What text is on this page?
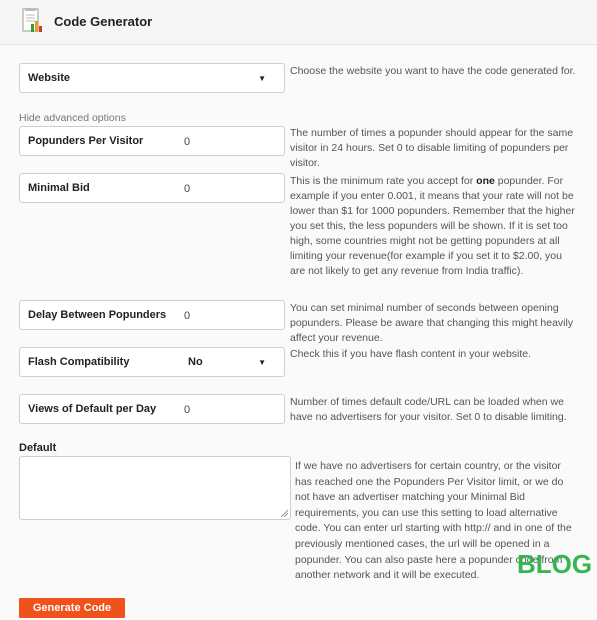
Code Generator
Website	▼
Choose the website you want to have the code generated for.
Hide advanced options
Popunders Per Visitor	0
The number of times a popunder should appear for the same visitor in 24 hours. Set 0 to disable limiting of popunders per visitor.
Minimal Bid	0
This is the minimum rate you accept for one popunder. For example if you enter 0.001, it means that your rate will not be lower than $1 for 1000 popunders. Remember that the higher you set this, the less popunders will be shown. If it is set too high, some countries might not be getting popunders at all limiting your revenue(for example if you set it to $2.00, you are not likely to get any revenue from India traffic).
Delay Between Popunders 0
You can set minimal number of seconds between opening popunders. Please be aware that changing this might heavily affect your revenue.
Flash Compatibility	No	▼
Check this if you have flash content in your website.
Views of Default per Day	0
Number of times default code/URL can be loaded when we have no advertisers for your visitor. Set 0 to disable limiting.
Default
If we have no advertisers for certain country, or the visitor has reached one the Popunders Per Visitor limit, or we do not have an advertiser matching your Minimal Bid requirements, you can use this setting to load alternative code. You can enter url starting with http:// and in one of the previously mentioned cases, the url will be opened in a popunder. You can also paste here a popunder code from another network and it will be executed.	BLOG
Generate Code
